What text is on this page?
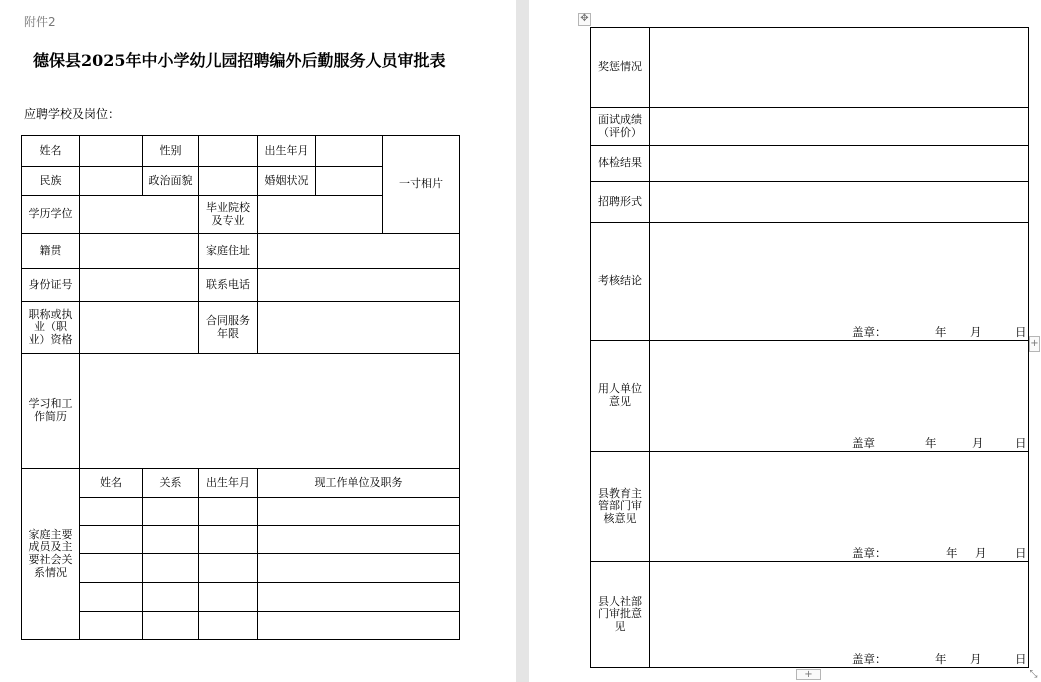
附件2
德保县2025年中小学幼儿园招聘编外后勤服务人员审批表
应聘学校及岗位：
姓名		性别		出生年月		一寸相片
民族		政治面貌		婚姻状况		
学历学位			毕业院校及专业			
籍贯			家庭住址			
身份证号			联系电话			
职称或执业（职业）资格			合同服务年限			
学习和工作简历						
家庭主要成员及主要社会关系情况	姓名	关系	出生年月	现工作单位及职务		

✥
奖惩情况	
面试成绩（评价）	
体检结果	
招聘形式	
考核结论	盖章： 年 月 日

用人单位意见	盖章 年 月 日

县教育主管部门审核意见	盖章： 年 月 日

县人社部门审批意见	盖章： 年 月 日
+
+	⤡
